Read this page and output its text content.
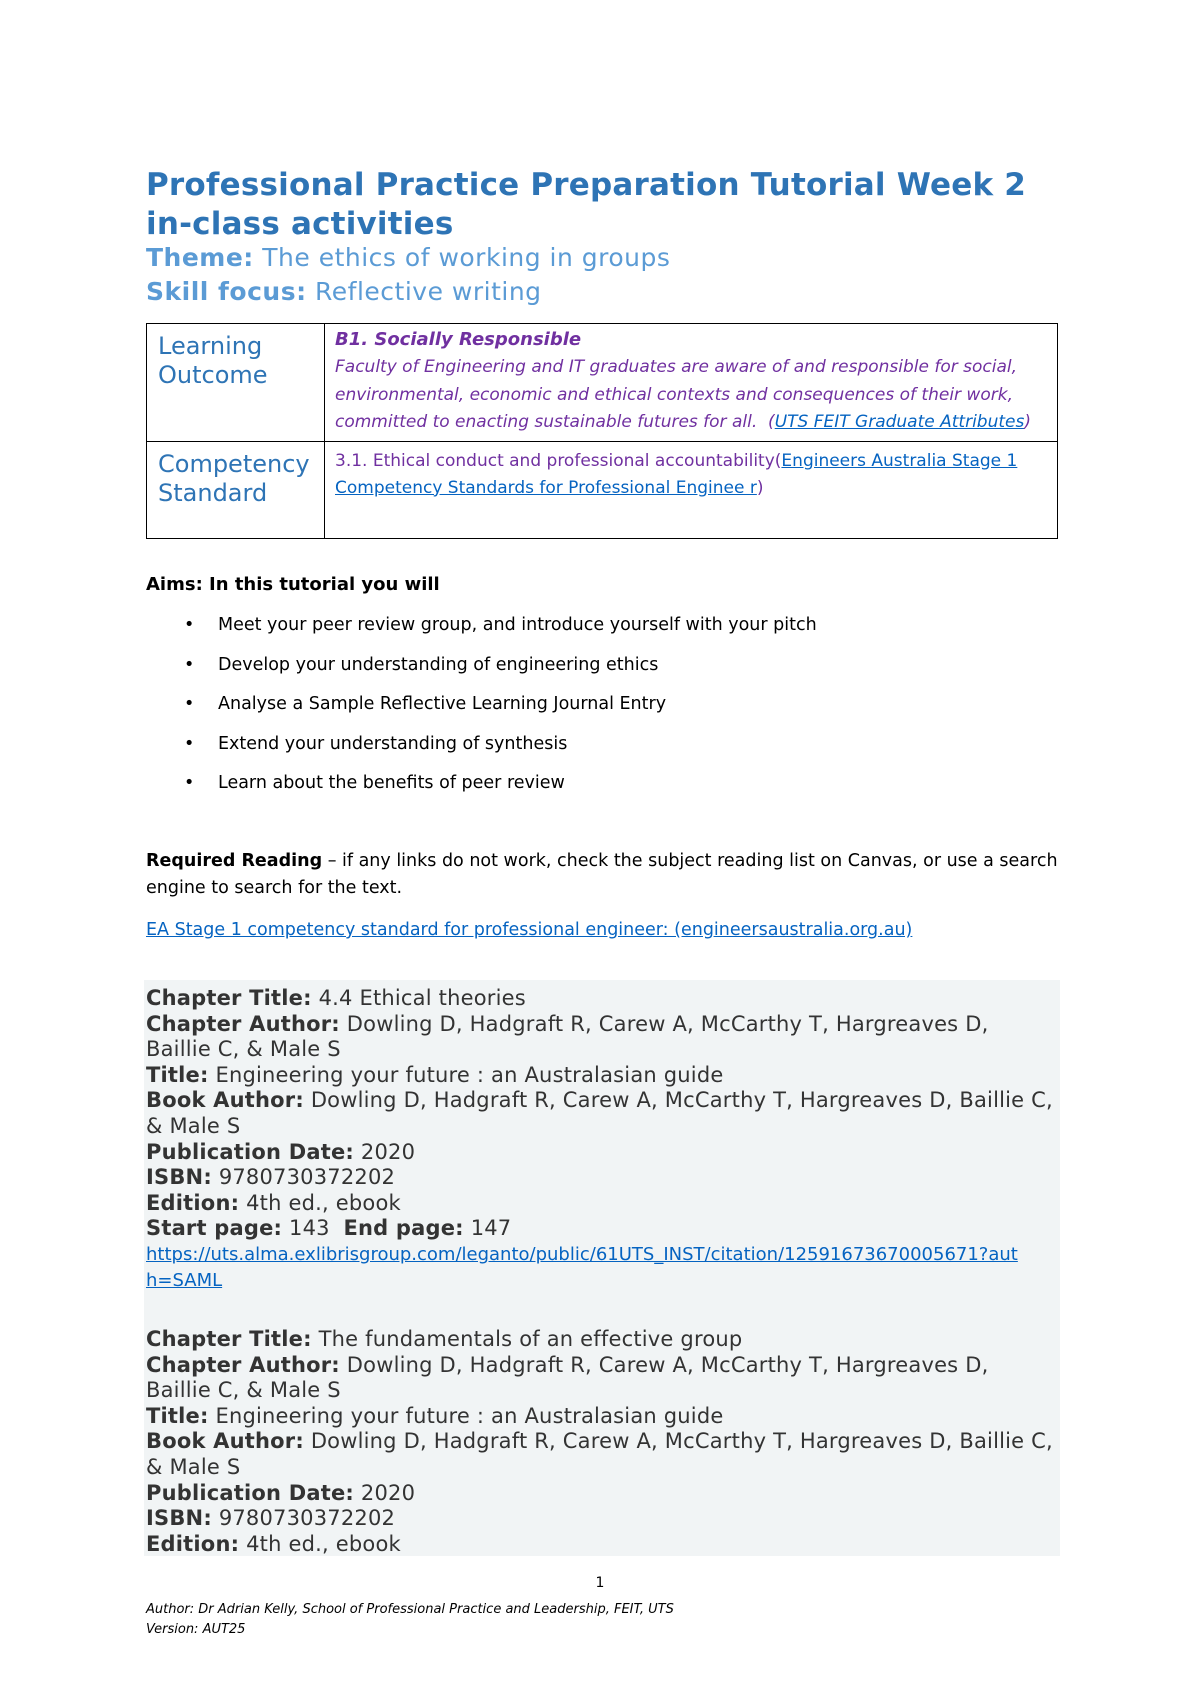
Professional Practice Preparation Tutorial Week 2 in-class activities
Theme: The ethics of working in groups
Skill focus: Reflective writing
Learning Outcome	B1. Socially Responsible
Faculty of Engineering and IT graduates are aware of and responsible for social, environmental, economic and ethical contexts and consequences of their work, committed to enacting sustainable futures for all. (UTS FEIT Graduate Attributes)

Competency Standard	3.1. Ethical conduct and professional accountability(Engineers Australia Stage 1 Competency Standards for Professional Enginee r)
Aims: In this tutorial you will
• Meet your peer review group, and introduce yourself with your pitch
• Develop your understanding of engineering ethics
• Analyse a Sample Reflective Learning Journal Entry
• Extend your understanding of synthesis
• Learn about the benefits of peer review
Required Reading – if any links do not work, check the subject reading list on Canvas, or use a search engine to search for the text.
EA Stage 1 competency standard for professional engineer: (engineersaustralia.org.au)
Chapter Title: 4.4 Ethical theories
Chapter Author: Dowling D, Hadgraft R, Carew A, McCarthy T, Hargreaves D, Baillie C, & Male S
Title: Engineering your future : an Australasian guide
Book Author: Dowling D, Hadgraft R, Carew A, McCarthy T, Hargreaves D, Baillie C, & Male S
Publication Date: 2020
ISBN: 9780730372202
Edition: 4th ed., ebook
Start page: 143 End page: 147
https://uts.alma.exlibrisgroup.com/leganto/public/61UTS_INST/citation/12591673670005671?auth=SAML
Chapter Title: The fundamentals of an effective group
Chapter Author: Dowling D, Hadgraft R, Carew A, McCarthy T, Hargreaves D, Baillie C, & Male S
Title: Engineering your future : an Australasian guide
Book Author: Dowling D, Hadgraft R, Carew A, McCarthy T, Hargreaves D, Baillie C, & Male S
Publication Date: 2020
ISBN: 9780730372202
Edition: 4th ed., ebook
1
Author: Dr Adrian Kelly, School of Professional Practice and Leadership, FEIT, UTS
Version: AUT25
